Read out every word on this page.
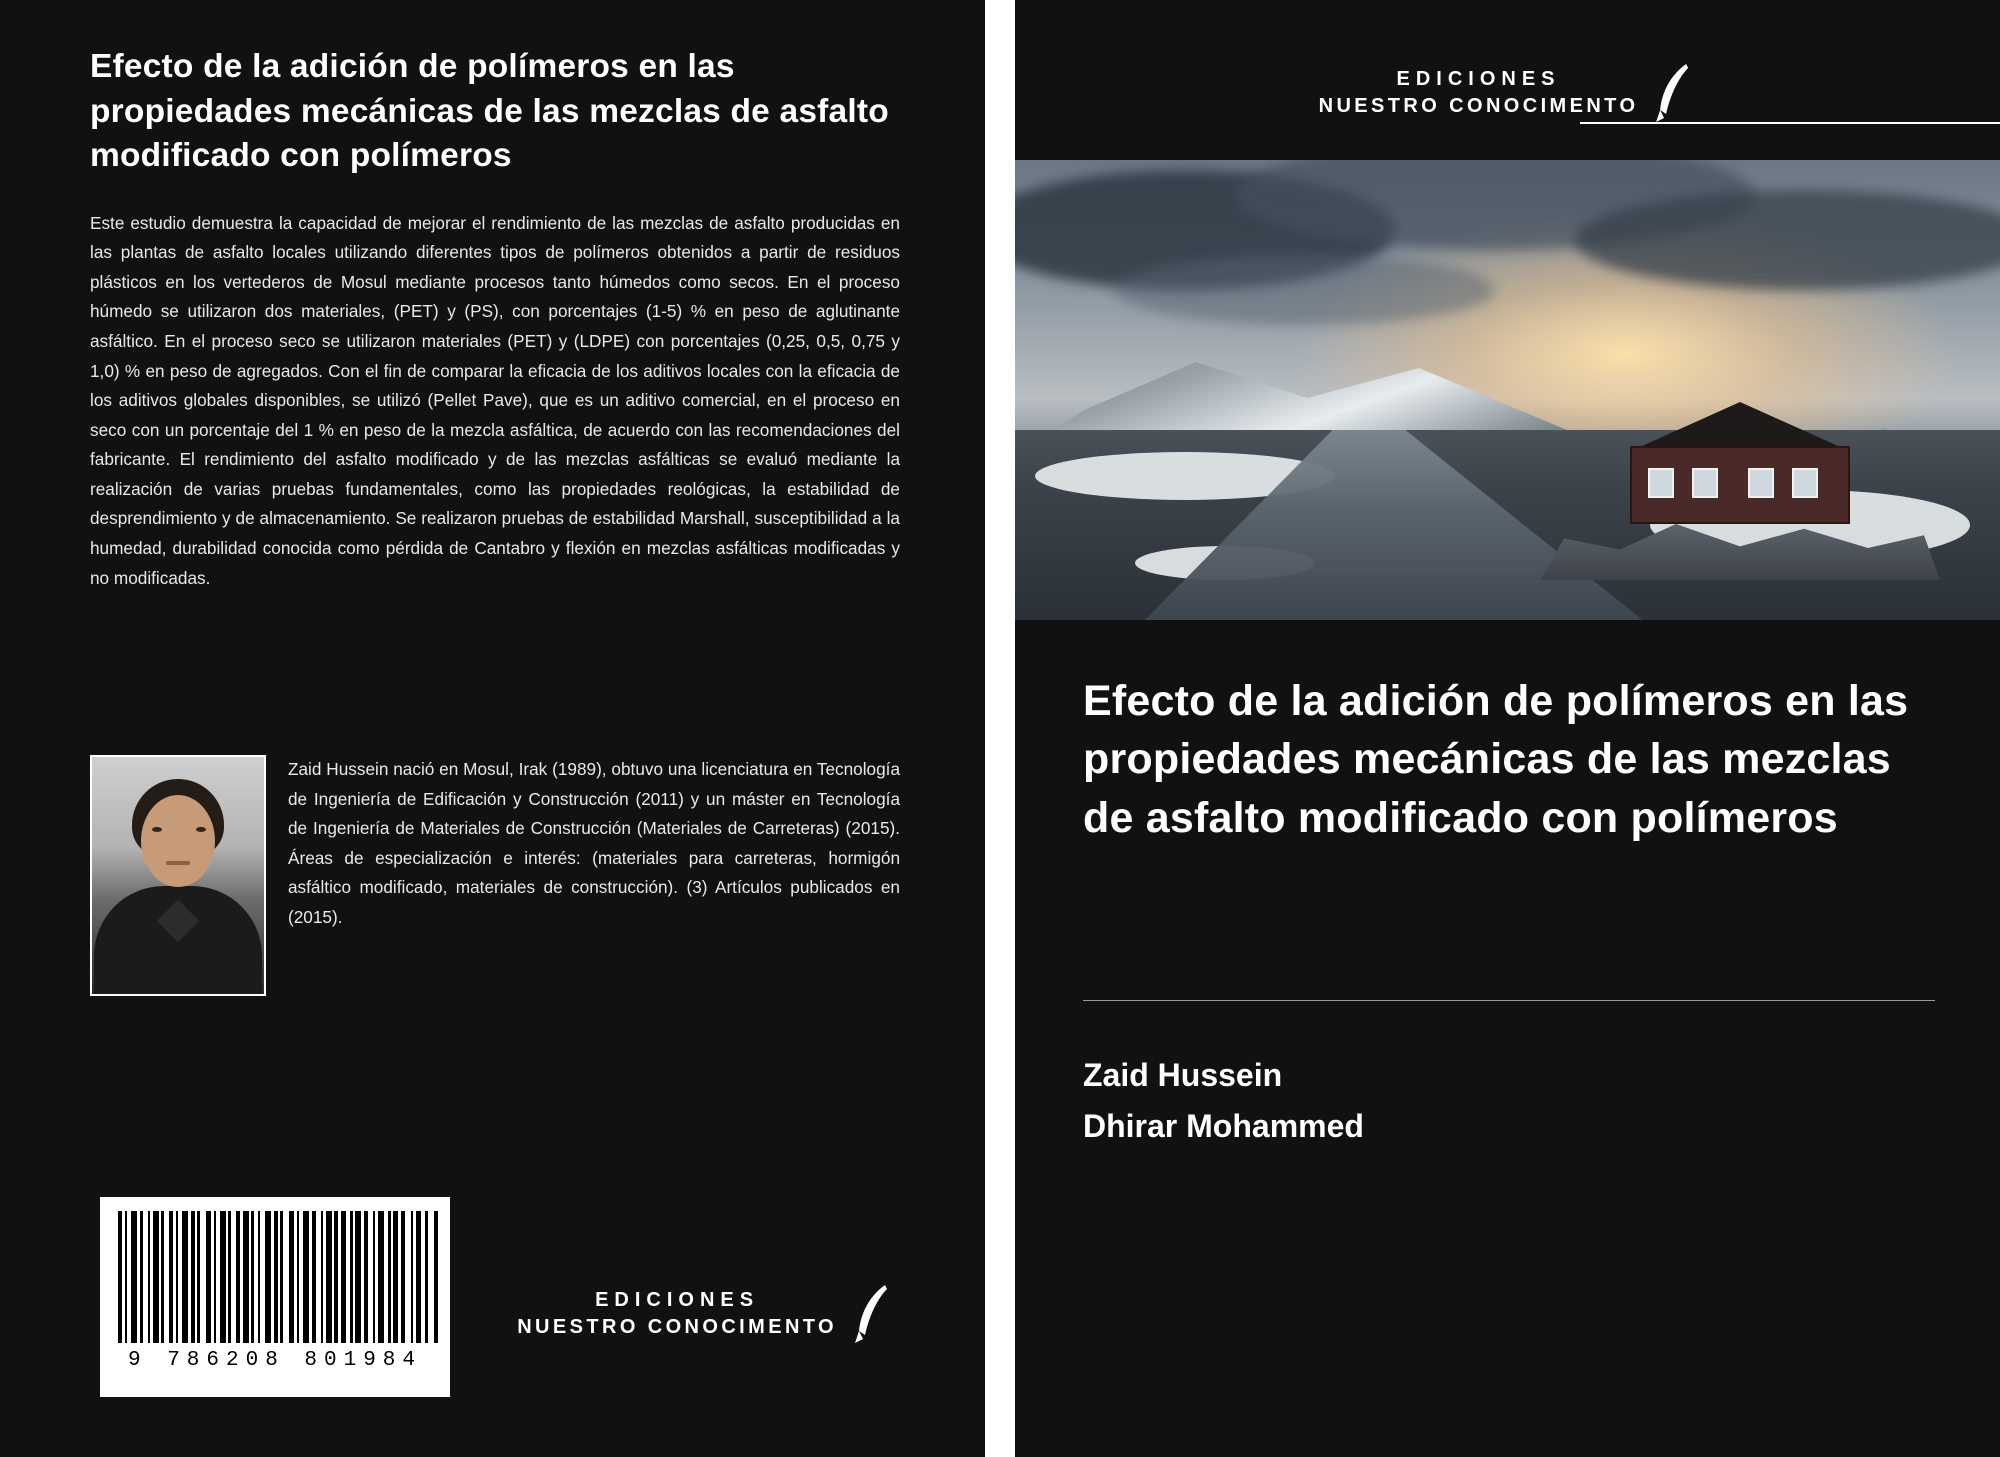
Efecto de la adición de polímeros en las propiedades mecánicas de las mezclas de asfalto modificado con polímeros

Este estudio demuestra la capacidad de mejorar el rendimiento de las mezclas de asfalto producidas en las plantas de asfalto locales utilizando diferentes tipos de polímeros obtenidos a partir de residuos plásticos en los vertederos de Mosul mediante procesos tanto húmedos como secos. En el proceso húmedo se utilizaron dos materiales, (PET) y (PS), con porcentajes (1-5) % en peso de aglutinante asfáltico. En el proceso seco se utilizaron materiales (PET) y (LDPE) con porcentajes (0,25, 0,5, 0,75 y 1,0) % en peso de agregados. Con el fin de comparar la eficacia de los aditivos locales con la eficacia de los aditivos globales disponibles, se utilizó (Pellet Pave), que es un aditivo comercial, en el proceso en seco con un porcentaje del 1 % en peso de la mezcla asfáltica, de acuerdo con las recomendaciones del fabricante. El rendimiento del asfalto modificado y de las mezclas asfálticas se evaluó mediante la realización de varias pruebas fundamentales, como las propiedades reológicas, la estabilidad de desprendimiento y de almacenamiento. Se realizaron pruebas de estabilidad Marshall, susceptibilidad a la humedad, durabilidad conocida como pérdida de Cantabro y flexión en mezclas asfálticas modificadas y no modificadas.

Zaid Hussein nació en Mosul, Irak (1989), obtuvo una licenciatura en Tecnología de Ingeniería de Edificación y Construcción (2011) y un máster en Tecnología de Ingeniería de Materiales de Construcción (Materiales de Carreteras) (2015). Áreas de especialización e interés: (materiales para carreteras, hormigón asfáltico modificado, materiales de construcción). (3) Artículos publicados en (2015).
9 786208 801984
EDICIONES
NUESTRO CONOCIMENTO
EDICIONES
NUESTRO CONOCIMENTO
Efecto de la adición de polímeros en las propiedades mecánicas de las mezclas de asfalto modificado con polímeros
Zaid Hussein
Dhirar Mohammed
